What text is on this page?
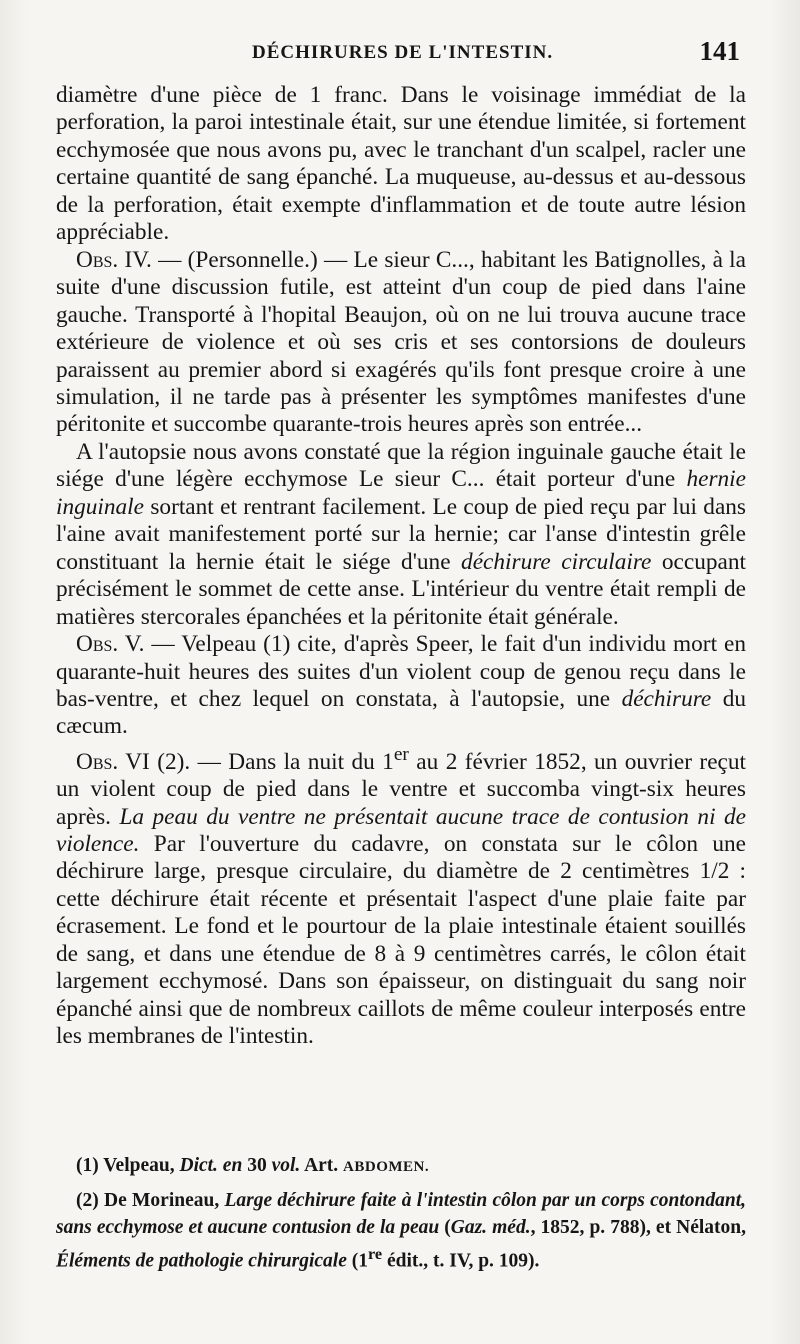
DÉCHIRURES DE L'INTESTIN.	141

diamètre d'une pièce de 1 franc. Dans le voisinage immédiat de la perforation, la paroi intestinale était, sur une étendue limitée, si fortement ecchymosée que nous avons pu, avec le tranchant d'un scalpel, racler une certaine quantité de sang épanché. La muqueuse, au-dessus et au-dessous de la perforation, était exempte d'inflammation et de toute autre lésion appréciable.

Obs. IV. — (Personnelle.) — Le sieur C..., habitant les Batignolles, à la suite d'une discussion futile, est atteint d'un coup de pied dans l'aine gauche. Transporté à l'hopital Beaujon, où on ne lui trouva aucune trace extérieure de violence et où ses cris et ses contorsions de douleurs paraissent au premier abord si exagérés qu'ils font presque croire à une simulation, il ne tarde pas à présenter les symptômes manifestes d'une péritonite et succombe quarante-trois heures après son entrée...

A l'autopsie nous avons constaté que la région inguinale gauche était le siége d'une légère ecchymose Le sieur C... était porteur d'une hernie inguinale sortant et rentrant facilement. Le coup de pied reçu par lui dans l'aine avait manifestement porté sur la hernie; car l'anse d'intestin grêle constituant la hernie était le siége d'une déchirure circulaire occupant précisément le sommet de cette anse. L'intérieur du ventre était rempli de matières stercorales épanchées et la péritonite était générale.

Obs. V. — Velpeau (1) cite, d'après Speer, le fait d'un individu mort en quarante-huit heures des suites d'un violent coup de genou reçu dans le bas-ventre, et chez lequel on constata, à l'autopsie, une déchirure du cæcum.

Obs. VI (2). — Dans la nuit du 1er au 2 février 1852, un ouvrier reçut un violent coup de pied dans le ventre et succomba vingt-six heures après. La peau du ventre ne présentait aucune trace de contusion ni de violence. Par l'ouverture du cadavre, on constata sur le côlon une déchirure large, presque circulaire, du diamètre de 2 centimètres 1/2 : cette déchirure était récente et présentait l'aspect d'une plaie faite par écrasement. Le fond et le pourtour de la plaie intestinale étaient souillés de sang, et dans une étendue de 8 à 9 centimètres carrés, le côlon était largement ecchymosé. Dans son épaisseur, on distinguait du sang noir épanché ainsi que de nombreux caillots de même couleur interposés entre les membranes de l'intestin.

(1) Velpeau, Dict. en 30 vol. Art. ABDOMEN.

(2) De Morineau, Large déchirure faite à l'intestin côlon par un corps contondant, sans ecchymose et aucune contusion de la peau (Gaz. méd., 1852, p. 788), et Nélaton, Éléments de pathologie chirurgicale (1re édit., t. IV, p. 109).
